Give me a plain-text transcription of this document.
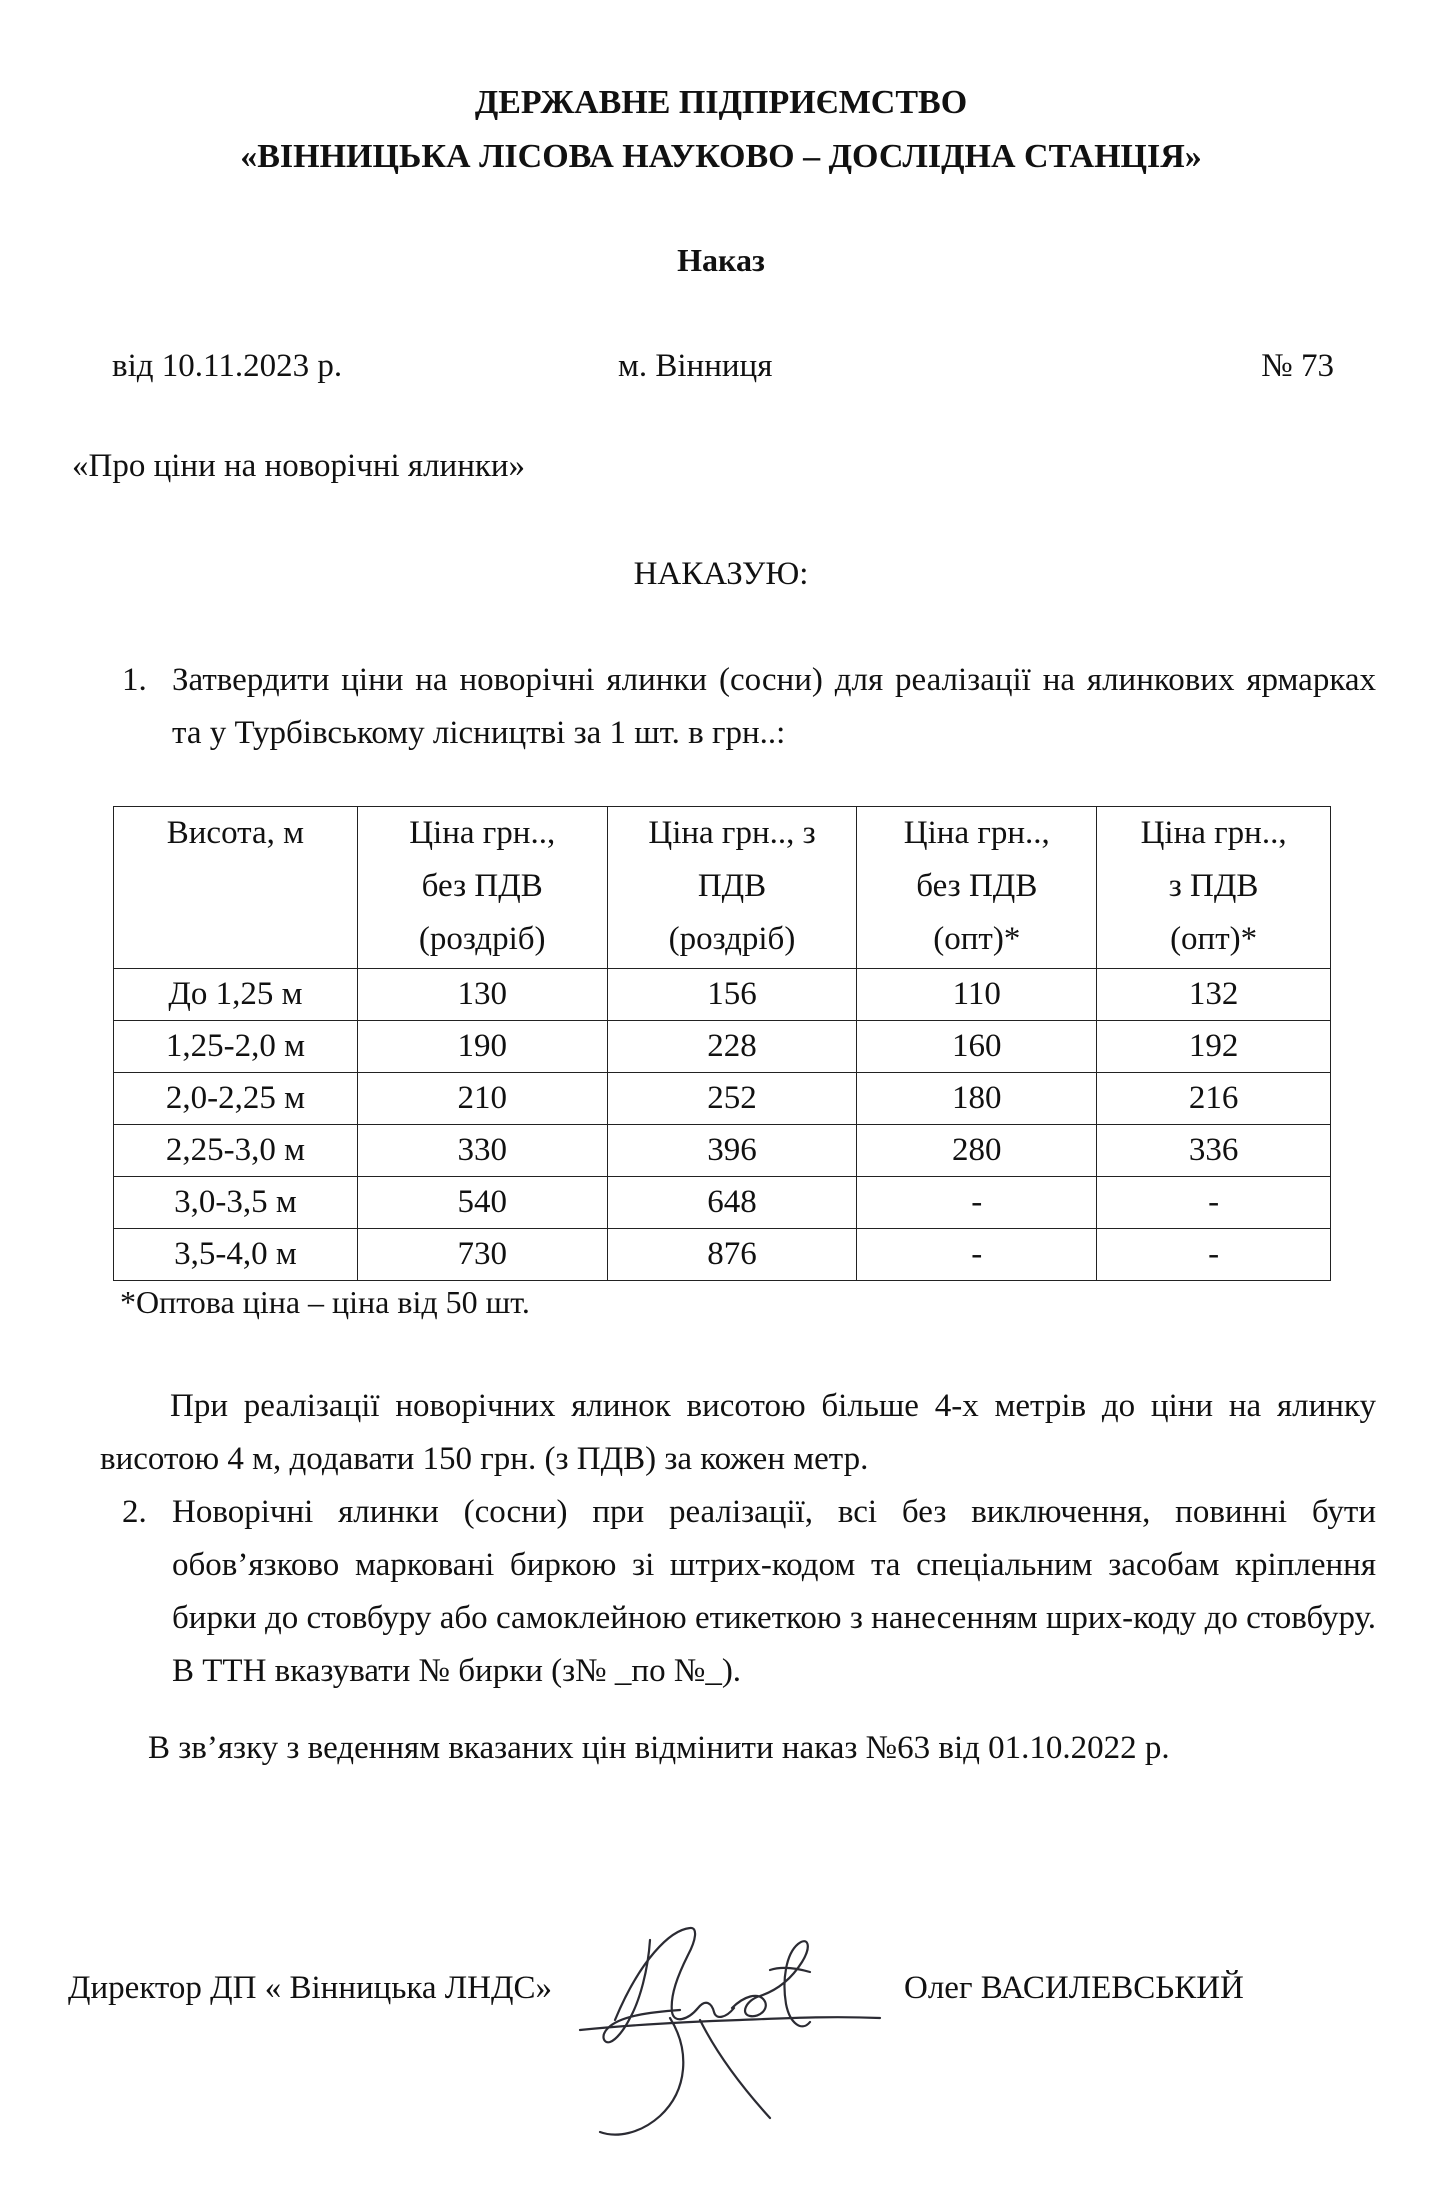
ДЕРЖАВНЕ ПІДПРИЄМСТВО
«ВІННИЦЬКА ЛІСОВА НАУКОВО – ДОСЛІДНА СТАНЦІЯ»
Наказ
від 10.11.2023 р.	м. Вінниця	№ 73
«Про ціни на новорічні ялинки»
НАКАЗУЮ:
1. Затвердити ціни на новорічні ялинки (сосни) для реалізації на ялинкових ярмарках та у Турбівському лісництві за 1 шт. в грн..:
Висота, м	Ціна грн..,
без ПДВ
(роздріб)	Ціна грн.., з
ПДВ
(роздріб)	Ціна грн..,
без ПДВ
(опт)*	Ціна грн..,
з ПДВ
(опт)*
До 1,25 м	130	156	110	132
1,25-2,0 м	190	228	160	192
2,0-2,25 м	210	252	180	216
2,25-3,0 м	330	396	280	336
3,0-3,5 м	540	648	-	-
3,5-4,0 м	730	876	-	-
*Оптова ціна – ціна від 50 шт.
При реалізації новорічних ялинок висотою більше 4-х метрів до ціни на ялинку висотою 4 м, додавати 150 грн. (з ПДВ) за кожен метр.
2. Новорічні ялинки (сосни) при реалізації, всі без виключення, повинні бути обов’язково марковані биркою зі штрих-кодом та спеціальним засобам кріплення бирки до стовбуру або самоклейною етикеткою з нанесенням шрих-коду до стовбуру. В ТТН вказувати № бирки (з№ _по №_).
В зв’язку з веденням вказаних цін відмінити наказ №63 від 01.10.2022 р.
Директор ДП « Вінницька ЛНДС»	Олег ВАСИЛЕВСЬКИЙ
